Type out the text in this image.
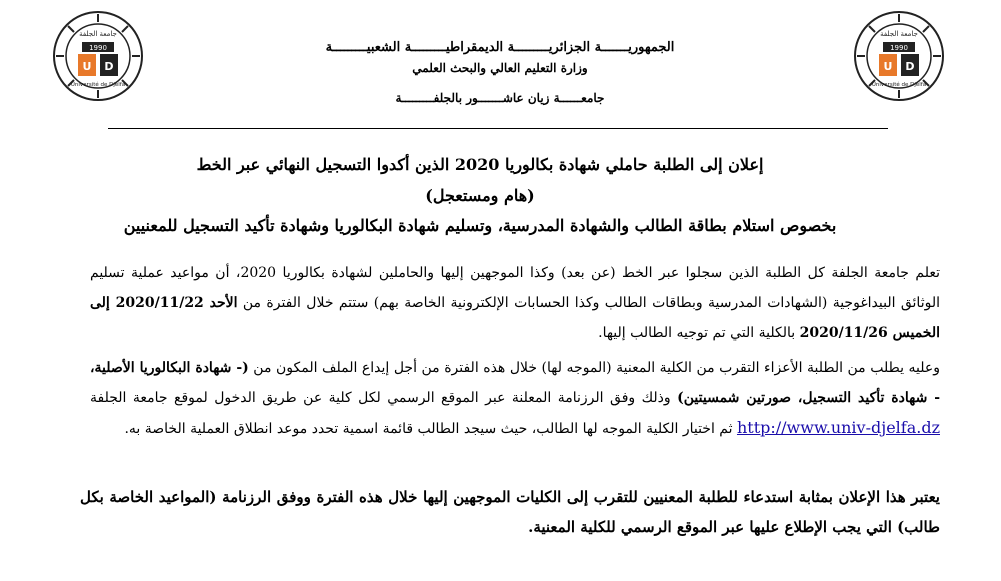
1990
U D
جامعة الجلفة
Université de Djelfa
1990
U D
جامعة الجلفة
Université de Djelfa
الجمهوريـــــــة الجزائريـــــــــة الديمقراطيـــــــــة الشعبيـــــــــة
وزارة التعليم العالي والبحث العلمي
جامعــــــة زيان عاشـــــــور بالجلفـــــــــة
إعلان إلى الطلبة حاملي شهادة بكالوريا 2020 الذين أكدوا التسجيل النهائي عبر الخط
(هام ومستعجل)
بخصوص استلام بطاقة الطالب والشهادة المدرسية، وتسليم شهادة البكالوريا وشهادة تأكيد التسجيل للمعنيين
تعلم جامعة الجلفة كل الطلبة الذين سجلوا عبر الخط (عن بعد) وكذا الموجهين إليها والحاملين لشهادة بكالوريا 2020، أن مواعيد عملية تسليم الوثائق البيداغوجية (الشهادات المدرسية وبطاقات الطالب وكذا الحسابات الإلكترونية الخاصة بهم) ستتم خلال الفترة من الأحد 2020/11/22 إلى الخميس 2020/11/26 بالكلية التي تم توجيه الطالب إليها.
وعليه يطلب من الطلبة الأعزاء التقرب من الكلية المعنية (الموجه لها) خلال هذه الفترة من أجل إيداع الملف المكون من (- شهادة البكالوريا الأصلية، - شهادة تأكيد التسجيل، صورتين شمسيتين) وذلك وفق الرزنامة المعلنة عبر الموقع الرسمي لكل كلية عن طريق الدخول لموقع جامعة الجلفة http://www.univ-djelfa.dz ثم اختيار الكلية الموجه لها الطالب، حيث سيجد الطالب قائمة اسمية تحدد موعد انطلاق العملية الخاصة به.
يعتبر هذا الإعلان بمثابة استدعاء للطلبة المعنيين للتقرب إلى الكليات الموجهين إليها خلال هذه الفترة ووفق الرزنامة (المواعيد الخاصة بكل طالب) التي يجب الإطلاع عليها عبر الموقع الرسمي للكلية المعنية.
